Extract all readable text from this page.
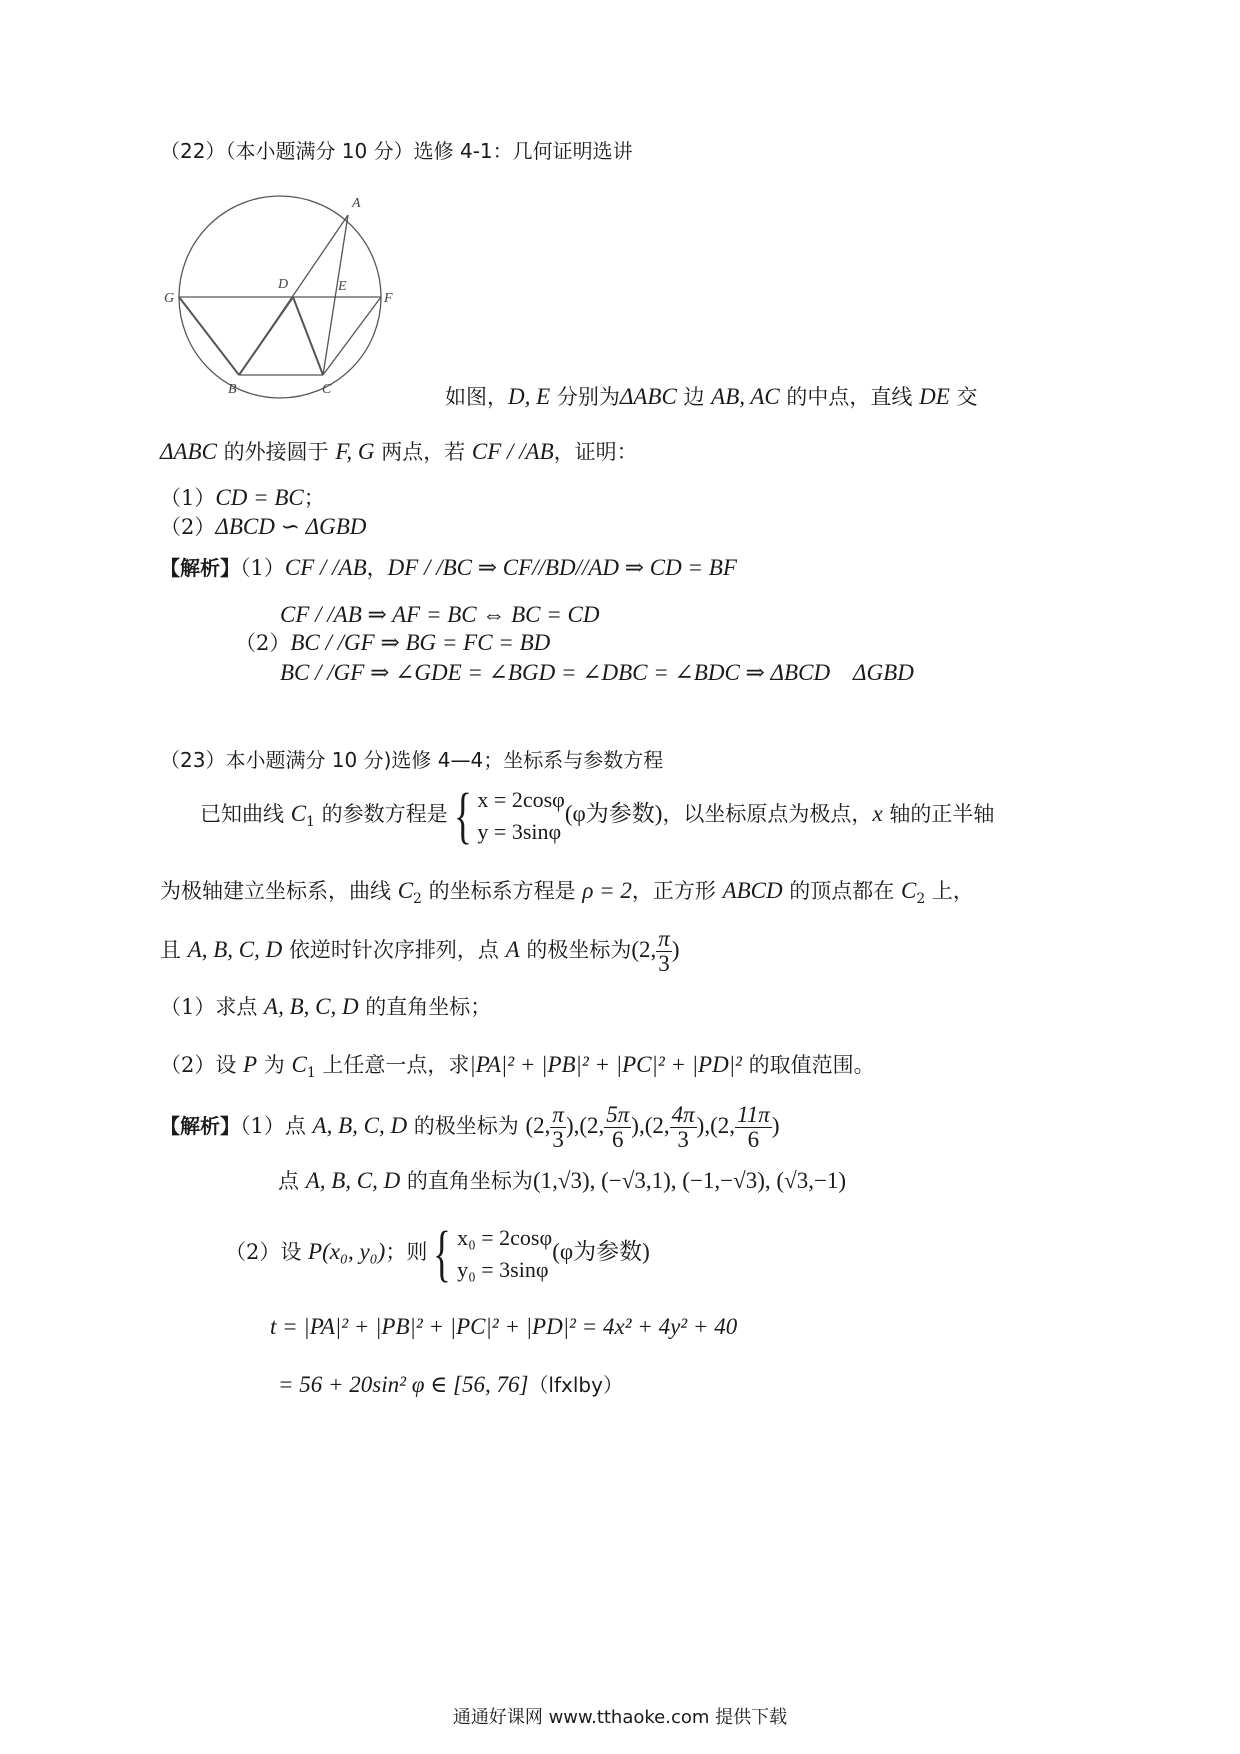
（22）（本小题满分 10 分）选修 4-1：几何证明选讲
A
D	E
G	F
B	C	如图，D, E 分别为ΔABC 边 AB, AC 的中点，直线 DE 交
ΔABC 的外接圆于 F, G 两点，若 CF / /AB，证明：
（1）CD = BC；
（2）ΔBCD ∽ ΔGBD
【解析】（1）CF / /AB，DF / /BC ⇒ CF//BD//AD ⇒ CD = BF
CF / /AB ⇒ AF = BC ⇔ BC = CD
（2）BC / /GF ⇒ BG = FC = BD
BC / /GF ⇒ ∠GDE = ∠BGD = ∠DBC = ∠BDC ⇒ ΔBCD    ΔGBD
（23）本小题满分 10 分)选修 4—4；坐标系与参数方程
已知曲线 $C_1$ 的参数方程是{ x = 2cosφ
y = 3sinφ
(φ为参数)，以坐标原点为极点，x 轴的正半轴
为极轴建立坐标系，曲线 $C_2$ 的坐标系方程是 ρ = 2，正方形 ABCD 的顶点都在 $C_2$ 上，
且 A, B, C, D 依逆时针次序排列，点 A 的极坐标为(2, $\frac{\pi}{3}$ )
（1）求点 A, B, C, D 的直角坐标；
（2）设 P 为 $C_1$ 上任意一点，求|PA|² + |PB|² + |PC|² + |PD|² 的取值范围。
【解析】（1）点 A, B, C, D 的极坐标为 (2, $\frac{\pi}{3} ),(2$, $\frac{5\pi}{6} ),(2$, $\frac{4\pi}{3} ),(2$, $\frac{11\pi}{6}$ )
点 A, B, C, D 的直角坐标为(1,√3), (−√3,1), (−1,−√3), (√3,−1)
（2）设 P(x₀, y₀)；则{ x₀ = 2cosφ
y₀ = 3sinφ
(φ为参数)
t = |PA|² + |PB|² + |PC|² + |PD|² = 4x² + 4y² + 40
= 56 + 20sin² φ ∈ [56, 76]（lfxlby）
通通好课网 www.tthaoke.com 提供下载
